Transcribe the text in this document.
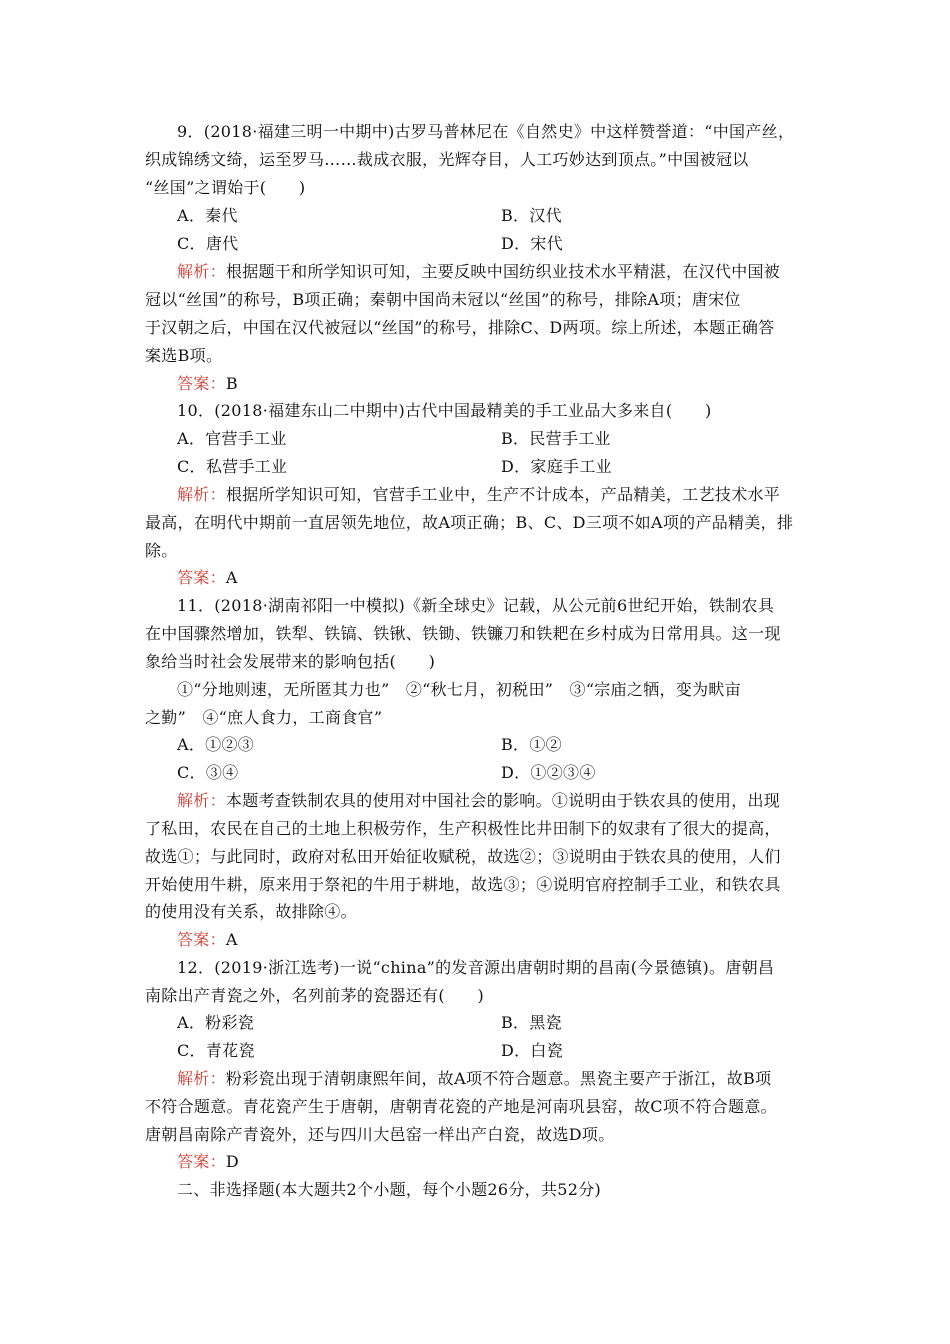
9．(2018·福建三明一中期中)古罗马普林尼在《自然史》中这样赞誉道：“中国产丝，
织成锦绣文绮，运至罗马……裁成衣服，光辉夺目，人工巧妙达到顶点。”中国被冠以
“丝国”之谓始于(　　)
A．秦代	B．汉代
C．唐代	D．宋代
解析：根据题干和所学知识可知，主要反映中国纺织业技术水平精湛，在汉代中国被
冠以“丝国”的称号，B项正确；秦朝中国尚未冠以“丝国”的称号，排除A项；唐宋位
于汉朝之后，中国在汉代被冠以“丝国”的称号，排除C、D两项。综上所述，本题正确答
案选B项。
答案：B
10．(2018·福建东山二中期中)古代中国最精美的手工业品大多来自(　　)
A．官营手工业	B．民营手工业
C．私营手工业	D．家庭手工业
解析：根据所学知识可知，官营手工业中，生产不计成本，产品精美，工艺技术水平
最高，在明代中期前一直居领先地位，故A项正确；B、C、D三项不如A项的产品精美，排
除。
答案：A
11．(2018·湖南祁阳一中模拟)《新全球史》记载，从公元前6世纪开始，铁制农具
在中国骤然增加，铁犁、铁镐、铁锹、铁锄、铁镰刀和铁耙在乡村成为日常用具。这一现
象给当时社会发展带来的影响包括(　　)
①“分地则速，无所匿其力也”　②“秋七月，初税田”　③“宗庙之牺，变为畎亩
之勤”　④“庶人食力，工商食官”
A．①②③	B．①②
C．③④	D．①②③④
解析：本题考查铁制农具的使用对中国社会的影响。①说明由于铁农具的使用，出现
了私田，农民在自己的土地上积极劳作，生产积极性比井田制下的奴隶有了很大的提高，
故选①；与此同时，政府对私田开始征收赋税，故选②；③说明由于铁农具的使用，人们
开始使用牛耕，原来用于祭祀的牛用于耕地，故选③；④说明官府控制手工业，和铁农具
的使用没有关系，故排除④。
答案：A
12．(2019·浙江选考)一说“china”的发音源出唐朝时期的昌南(今景德镇)。唐朝昌
南除出产青瓷之外，名列前茅的瓷器还有(　　)
A．粉彩瓷	B．黑瓷
C．青花瓷	D．白瓷
解析：粉彩瓷出现于清朝康熙年间，故A项不符合题意。黑瓷主要产于浙江，故B项
不符合题意。青花瓷产生于唐朝，唐朝青花瓷的产地是河南巩县窑，故C项不符合题意。
唐朝昌南除产青瓷外，还与四川大邑窑一样出产白瓷，故选D项。
答案：D
二、非选择题(本大题共2个小题，每个小题26分，共52分)
